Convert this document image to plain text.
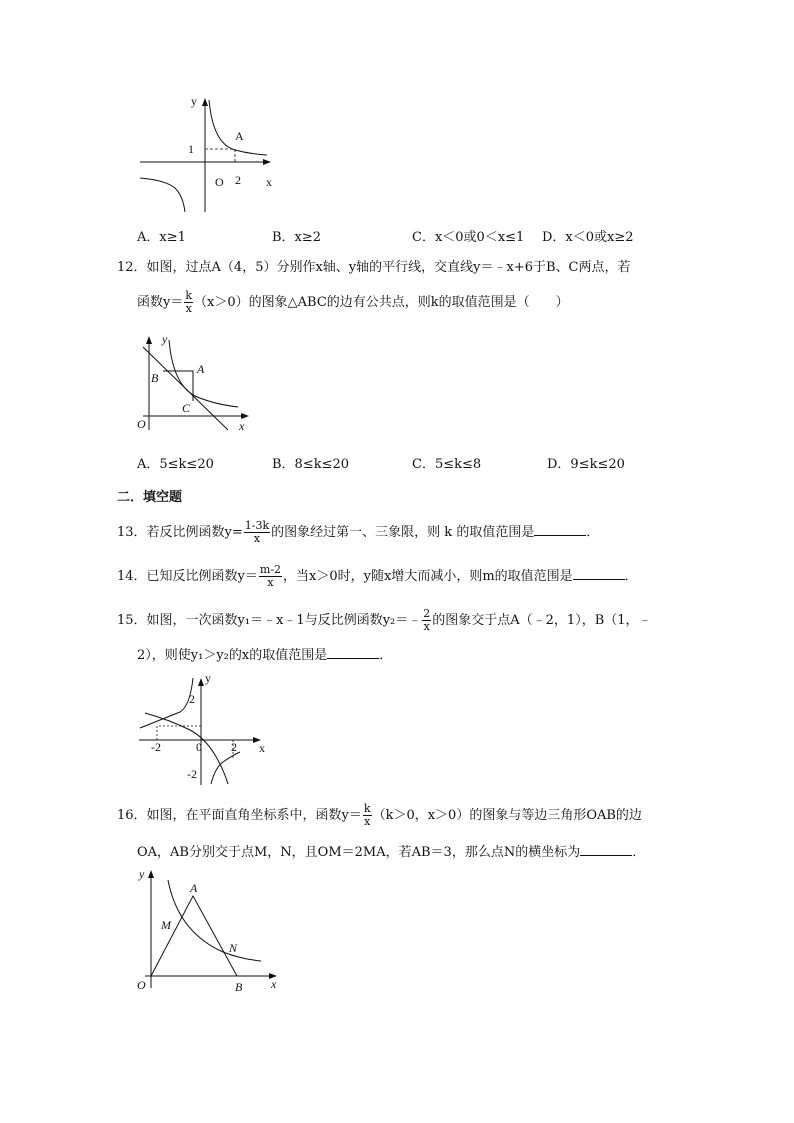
y
x
O
A
1
2
A．x≥1	B．x≥2	C．x＜0或0＜x≤1 D．x＜0或x≥2
12．如图，过点A（4，5）分别作x轴、y轴的平行线，交直线y＝﹣x+6于B、C两点，若
函数$y= \frac{k}{x} (x>0)$的图象△ABC的边有公共点，则k的取值范围是（　　）
y
x
O
A
B
C
A．5≤k≤20	B．8≤k≤20	C．5≤k≤8	D．9≤k≤20
二．填空题
13．若反比例函数$y= \frac{1-3k}{x}$ 的图象经过第一、三象限，则 k 的取值范围是	．
14．已知反比例函数$y= \frac{m-2}{x}$ ，当x＞0时，y随x增大而减小，则m的取值范围是	．
15．如图，一次函数y₁＝﹣x﹣1与反比例函数y₂＝﹣ $\frac{2}{x}$ 的图象交于点A（﹣2，1），B（1，﹣
2），则使y₁＞y₂的x的取值范围是	．
y
x
0
-2	2
2
-2
16．如图，在平面直角坐标系中，函数$y= \frac{k}{x} (k>0$，x＞0）的图象与等边三角形OAB的边
OA，AB分别交于点M，N，且OM＝2MA，若AB＝3，那么点N的横坐标为	．
y
x
O
A
B
M
N
